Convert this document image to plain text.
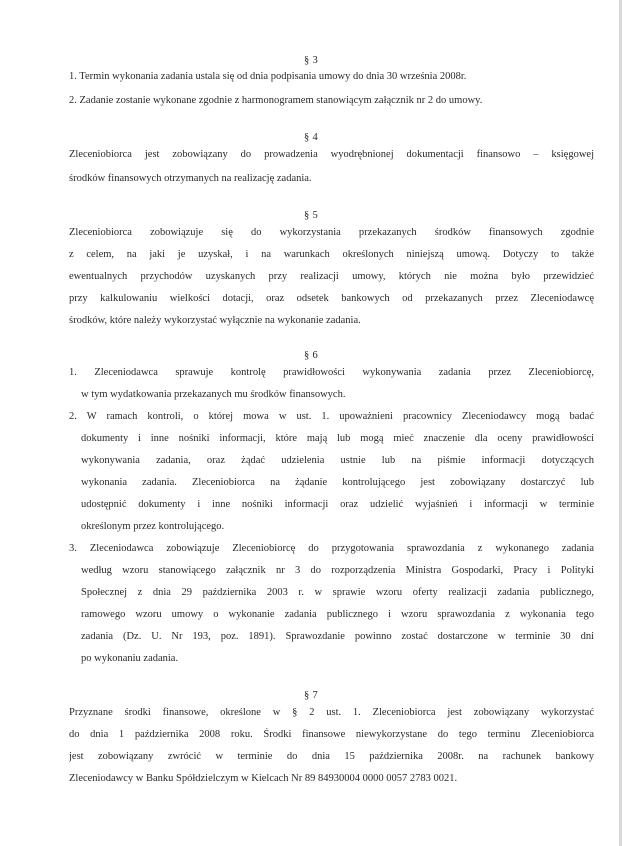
§ 3
1. Termin wykonania zadania ustala się od dnia podpisania umowy do dnia 30 września 2008r.
2. Zadanie zostanie wykonane zgodnie z harmonogramem stanowiącym załącznik nr 2 do umowy.
§ 4
Zleceniobiorca jest zobowiązany do prowadzenia wyodrębnionej dokumentacji finansowo – księgowej
środków finansowych otrzymanych na realizację zadania.
§ 5
Zleceniobiorca zobowiązuje się do wykorzystania przekazanych środków finansowych zgodnie
z celem, na jaki je uzyskał, i na warunkach określonych niniejszą umową. Dotyczy to także
ewentualnych przychodów uzyskanych przy realizacji umowy, których nie można było przewidzieć
przy kalkulowaniu wielkości dotacji, oraz odsetek bankowych od przekazanych przez Zleceniodawcę
środków, które należy wykorzystać wyłącznie na wykonanie zadania.
§ 6
1. Zleceniodawca sprawuje kontrolę prawidłowości wykonywania zadania przez Zleceniobiorcę,
w tym wydatkowania przekazanych mu środków finansowych.
2. W ramach kontroli, o której mowa w ust. 1. upoważnieni pracownicy Zleceniodawcy mogą badać
dokumenty i inne nośniki informacji, które mają lub mogą mieć znaczenie dla oceny prawidłowości
wykonywania zadania, oraz żądać udzielenia ustnie lub na piśmie informacji dotyczących
wykonania zadania. Zleceniobiorca na żądanie kontrolującego jest zobowiązany dostarczyć lub
udostępnić dokumenty i inne nośniki informacji oraz udzielić wyjaśnień i informacji w terminie
określonym przez kontrolującego.
3. Zleceniodawca zobowiązuje Zleceniobiorcę do przygotowania sprawozdania z wykonanego zadania
według wzoru stanowiącego załącznik nr 3 do rozporządzenia Ministra Gospodarki, Pracy i Polityki
Społecznej z dnia 29 października 2003 r. w sprawie wzoru oferty realizacji zadania publicznego,
ramowego wzoru umowy o wykonanie zadania publicznego i wzoru sprawozdania z wykonania tego
zadania (Dz. U. Nr 193, poz. 1891). Sprawozdanie powinno zostać dostarczone w terminie 30 dni
po wykonaniu zadania.
§ 7
Przyznane środki finansowe, określone w § 2 ust. 1. Zleceniobiorca jest zobowiązany wykorzystać
do dnia 1 października 2008 roku. Środki finansowe niewykorzystane do tego terminu Zleceniobiorca
jest zobowiązany zwrócić w terminie do dnia 15 października 2008r. na rachunek bankowy
Zleceniodawcy w Banku Spółdzielczym w Kielcach Nr 89 84930004 0000 0057 2783 0021.
